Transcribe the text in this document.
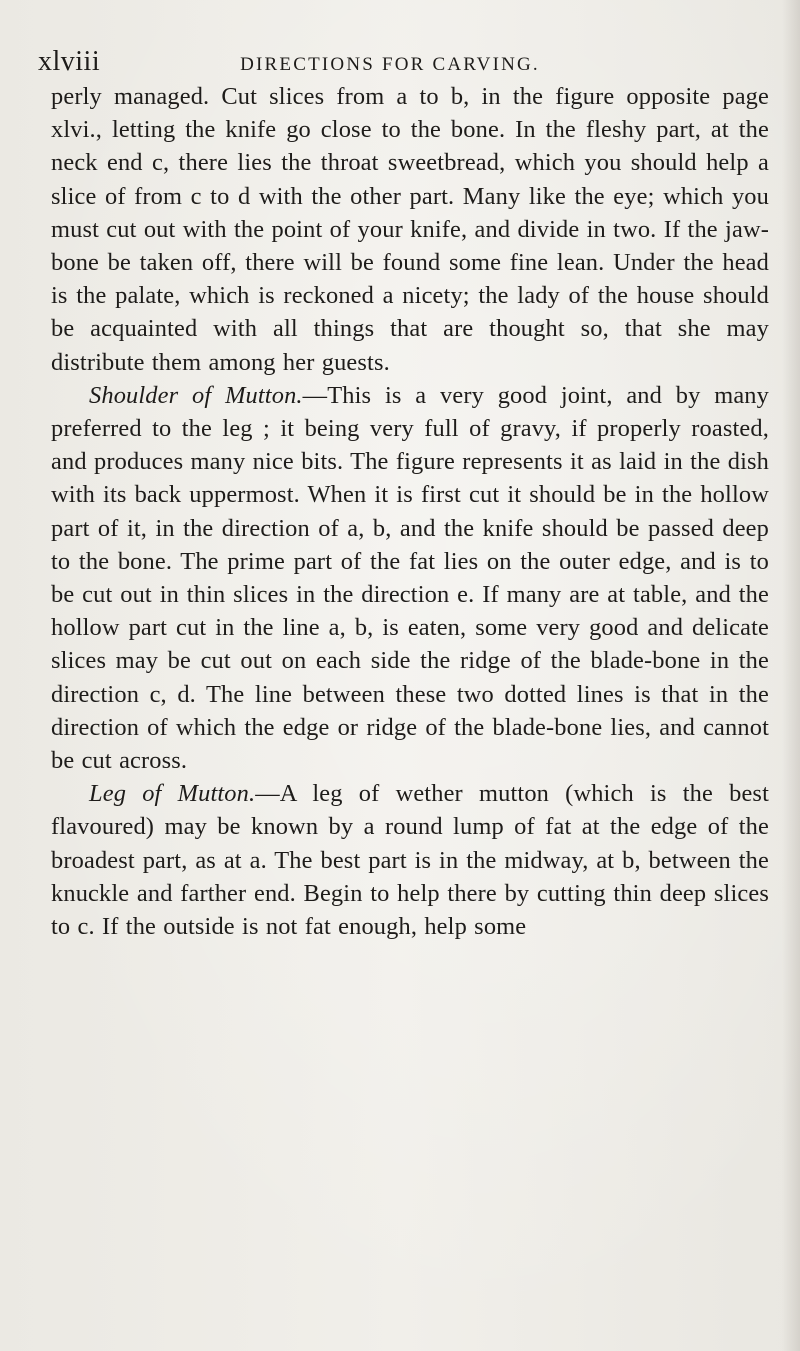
xlviii	DIRECTIONS FOR CARVING.

perly managed. Cut slices from a to b, in the figure opposite page xlvi., letting the knife go close to the bone. In the fleshy part, at the neck end c, there lies the throat sweetbread, which you should help a slice of from c to d with the other part. Many like the eye; which you must cut out with the point of your knife, and divide in two. If the jaw-bone be taken off, there will be found some fine lean. Under the head is the palate, which is reckoned a nicety; the lady of the house should be acquainted with all things that are thought so, that she may distribute them among her guests.

Shoulder of Mutton.—This is a very good joint, and by many preferred to the leg ; it being very full of gravy, if properly roasted, and produces many nice bits. The figure represents it as laid in the dish with its back uppermost. When it is first cut it should be in the hollow part of it, in the direction of a, b, and the knife should be passed deep to the bone. The prime part of the fat lies on the outer edge, and is to be cut out in thin slices in the direction e. If many are at table, and the hollow part cut in the line a, b, is eaten, some very good and delicate slices may be cut out on each side the ridge of the blade-bone in the direction c, d. The line between these two dotted lines is that in the direction of which the edge or ridge of the blade-bone lies, and cannot be cut across.

Leg of Mutton.—A leg of wether mutton (which is the best flavoured) may be known by a round lump of fat at the edge of the broadest part, as at a. The best part is in the midway, at b, between the knuckle and farther end. Begin to help there by cutting thin deep slices to c. If the outside is not fat enough, help some
